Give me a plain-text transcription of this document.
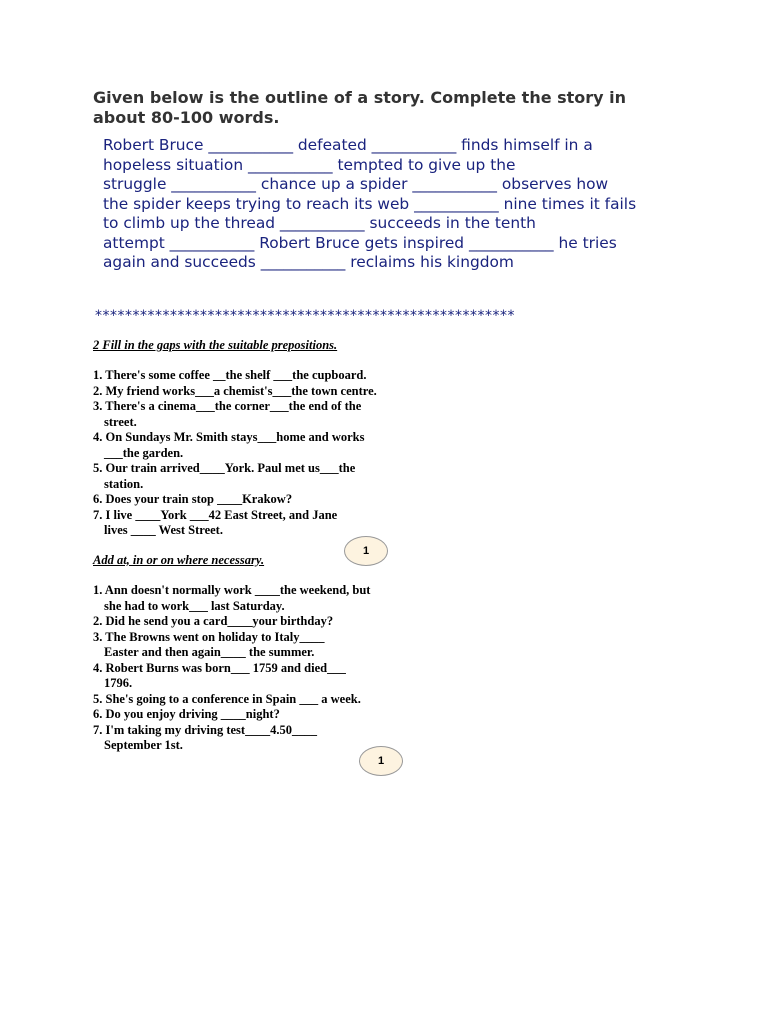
Given below is the outline of a story. Complete the story in
about 80-100 words.
Robert Bruce ___________ defeated ___________ finds himself in a
hopeless situation ___________ tempted to give up the
struggle ___________ chance up a spider ___________ observes how
the spider keeps trying to reach its web ___________ nine times it fails
to climb up the thread ___________ succeeds in the tenth
attempt ___________ Robert Bruce gets inspired ___________ he tries
again and succeeds ___________ reclaims his kingdom
********************************************************
2 Fill in the gaps with the suitable prepositions.
1. There's some coffee __the shelf ___the cupboard.
2. My friend works___a chemist's___the town centre.
3. There's a cinema___the corner___the end of the
street.
4. On Sundays Mr. Smith stays___home and works
___the garden.
5. Our train arrived____York. Paul met us___the
station.
6. Does your train stop ____Krakow?
7. I live ____York ___42 East Street, and Jane
lives ____ West Street.
Add at, in or on where necessary.
1
1. Ann doesn't normally work ____the weekend, but
she had to work___ last Saturday.
2. Did he send you a card____your birthday?
3. The Browns went on holiday to Italy____
Easter and then again____ the summer.
4. Robert Burns was born___ 1759 and died___
1796.
5. She's going to a conference in Spain ___ a week.
6. Do you enjoy driving ____night?
7. I'm taking my driving test____4.50____
September 1st.
1
